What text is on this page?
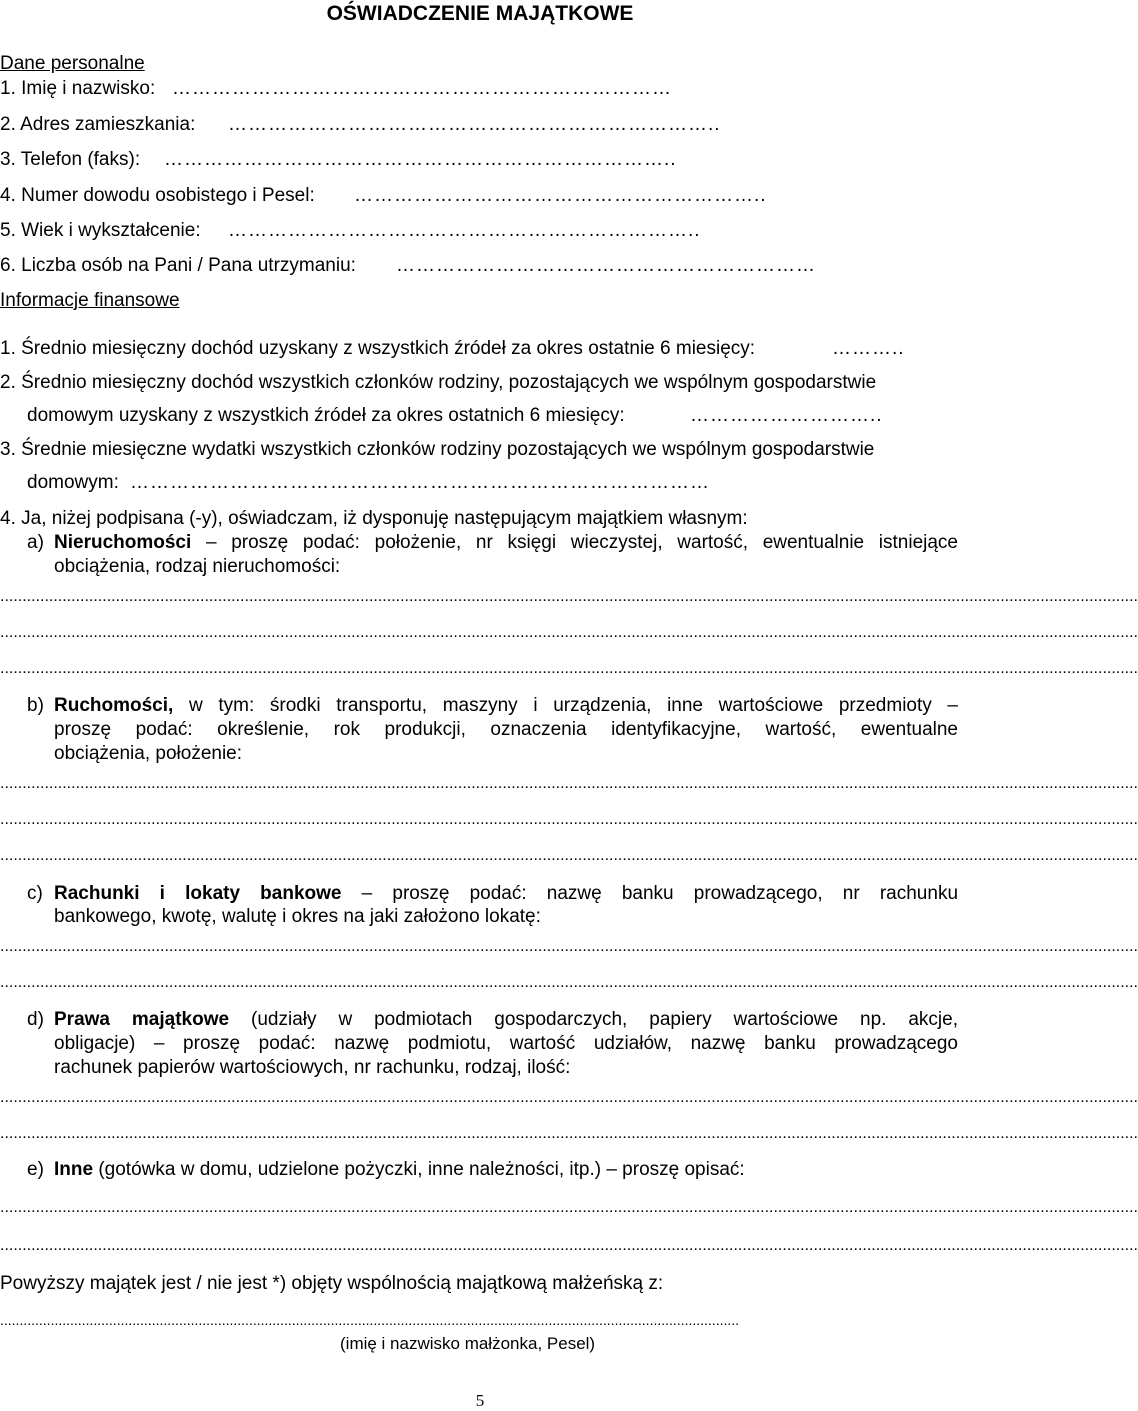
OŚWIADCZENIE MAJĄTKOWE
Dane personalne
1. Imię i nazwisko: …………………………………………………………………
2. Adres zamieszkania: ………………………………………………………………..
3. Telefon (faks): …………………………………………………………………..
4. Numer dowodu osobistego i Pesel: ……………………………………………………..
5. Wiek i wykształcenie: ……………………………………………………………..
6. Liczba osób na Pani / Pana utrzymaniu: ………………………………………………………
Informacje finansowe
1. Średnio miesięczny dochód uzyskany z wszystkich źródeł za okres ostatnie 6 miesięcy:	………..
2. Średnio miesięczny dochód wszystkich członków rodziny, pozostających we wspólnym gospodarstwie
domowym uzyskany z wszystkich źródeł za okres ostatnich 6 miesięcy:	………………………..
3. Średnie miesięczne wydatki wszystkich członków rodziny pozostających we wspólnym gospodarstwie
domowym: ……………………………………………………………………………
4. Ja, niżej podpisana (-y), oświadczam, iż dysponuję następującym majątkiem własnym:
a) Nieruchomości – proszę podać: położenie, nr księgi wieczystej, wartość, ewentualnie istniejące
obciążenia, rodzaj nieruchomości:
................................................................................................................................................................................................................................................................
................................................................................................................................................................................................................................................................
................................................................................................................................................................................................................................................................
b) Ruchomości, w tym: środki transportu, maszyny i urządzenia, inne wartościowe przedmioty –
proszę podać: określenie, rok produkcji, oznaczenia identyfikacyjne, wartość, ewentualne
obciążenia, położenie:
................................................................................................................................................................................................................................................................
................................................................................................................................................................................................................................................................
................................................................................................................................................................................................................................................................
c) Rachunki i lokaty bankowe – proszę podać: nazwę banku prowadzącego, nr rachunku
bankowego, kwotę, walutę i okres na jaki założono lokatę:
................................................................................................................................................................................................................................................................
................................................................................................................................................................................................................................................................
d) Prawa majątkowe (udziały w podmiotach gospodarczych, papiery wartościowe np. akcje,
obligacje) – proszę podać: nazwę podmiotu, wartość udziałów, nazwę banku prowadzącego
rachunek papierów wartościowych, nr rachunku, rodzaj, ilość:
................................................................................................................................................................................................................................................................
................................................................................................................................................................................................................................................................
e) Inne (gotówka w domu, udzielone pożyczki, inne należności, itp.) – proszę opisać:
................................................................................................................................................................................................................................................................
................................................................................................................................................................................................................................................................
Powyższy majątek jest / nie jest *) objęty wspólnością majątkową małżeńską z:
..............................................................................................................................................................................................
(imię i nazwisko małżonka, Pesel)
5
